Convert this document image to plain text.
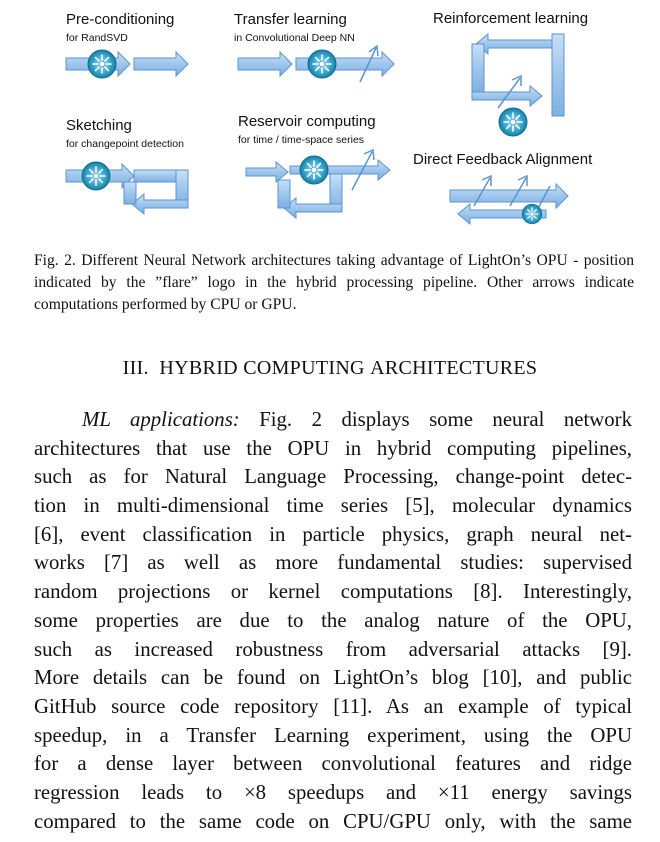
Pre-conditioning
for RandSVD
Transfer learning
in Convolutional Deep NN
Reinforcement learning
Sketching
for changepoint detection
Reservoir computing
for time / time-space series
Direct Feedback Alignment
Fig. 2. Different Neural Network architectures taking advantage of LightOn’s OPU - position indicated by the ”flare” logo in the hybrid processing pipeline. Other arrows indicate computations performed by CPU or GPU.
III. HYBRID COMPUTING ARCHITECTURES
ML applications: Fig. 2 displays some neural network
architectures that use the OPU in hybrid computing pipelines,
such as for Natural Language Processing, change-point detec-
tion in multi-dimensional time series [5], molecular dynamics
[6], event classification in particle physics, graph neural net-
works [7] as well as more fundamental studies: supervised
random projections or kernel computations [8]. Interestingly,
some properties are due to the analog nature of the OPU,
such as increased robustness from adversarial attacks [9].
More details can be found on LightOn’s blog [10], and public
GitHub source code repository [11]. As an example of typical
speedup, in a Transfer Learning experiment, using the OPU
for a dense layer between convolutional features and ridge
regression leads to ×8 speedups and ×11 energy savings
compared to the same code on CPU/GPU only, with the same
